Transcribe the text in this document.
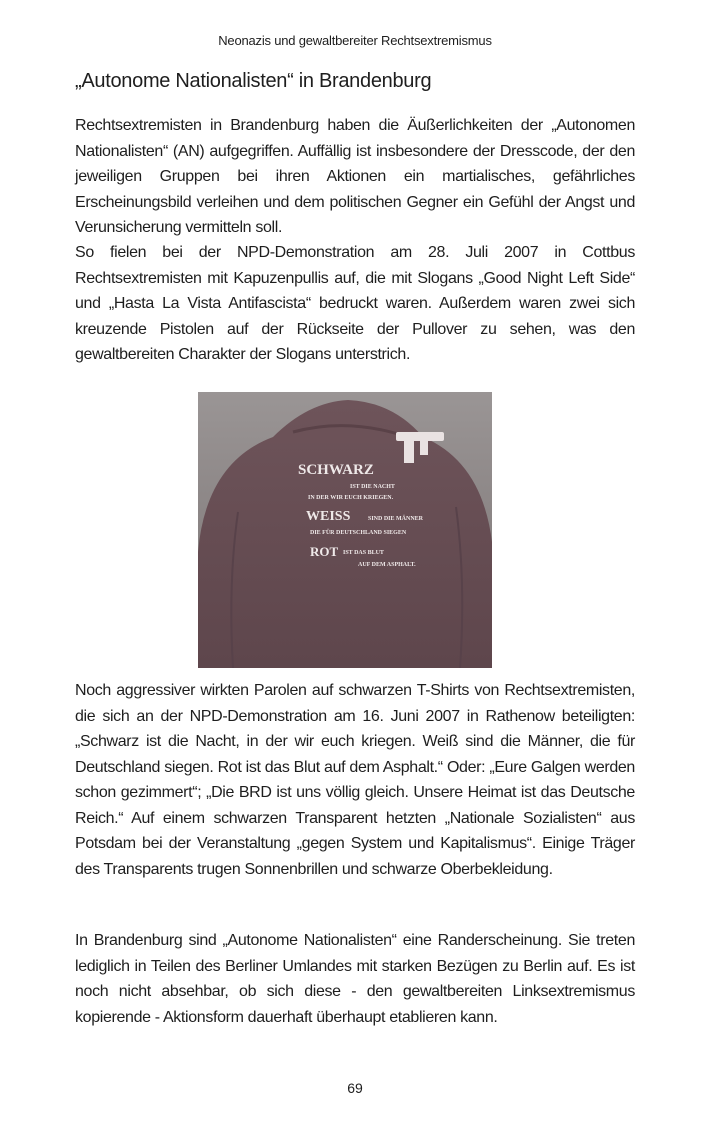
Neonazis und gewaltbereiter Rechtsextremismus
„Autonome Nationalisten“ in Brandenburg

Rechtsextremisten in Brandenburg haben die Äußerlichkeiten der „Autonomen Nationalisten“ (AN) aufgegriffen. Auffällig ist insbesondere der Dresscode, der den jeweiligen Gruppen bei ihren Aktionen ein martialisches, gefährliches Erscheinungsbild verleihen und dem politischen Gegner ein Gefühl der Angst und Verunsicherung vermitteln soll.

So fielen bei der NPD-Demonstration am 28. Juli 2007 in Cottbus Rechtsextremisten mit Kapuzenpullis auf, die mit Slogans „Good Night Left Side“ und „Hasta La Vista Antifascista“ bedruckt waren. Außerdem waren zwei sich kreuzende Pistolen auf der Rückseite der Pullover zu sehen, was den gewaltbereiten Charakter der Slogans unterstrich.

SCHWARZ
IST DIE NACHT
IN DER WIR EUCH KRIEGEN.
WEISS	SIND DIE MÄNNER
DIE FÜR DEUTSCHLAND SIEGEN
ROT IST DAS BLUT
AUF DEM ASPHALT.

Noch aggressiver wirkten Parolen auf schwarzen T-Shirts von Rechtsextremisten, die sich an der NPD-Demonstration am 16. Juni 2007 in Rathenow beteiligten: „Schwarz ist die Nacht, in der wir euch kriegen. Weiß sind die Männer, die für Deutschland siegen. Rot ist das Blut auf dem Asphalt.“ Oder: „Eure Galgen werden schon gezimmert“; „Die BRD ist uns völlig gleich. Unsere Heimat ist das Deutsche Reich.“ Auf einem schwarzen Transparent hetzten „Nationale Sozialisten“ aus Potsdam bei der Veranstaltung „gegen System und Kapitalismus“. Einige Träger des Transparents trugen Sonnenbrillen und schwarze Oberbekleidung.

In Brandenburg sind „Autonome Nationalisten“ eine Randerscheinung. Sie treten lediglich in Teilen des Berliner Umlandes mit starken Bezügen zu Berlin auf. Es ist noch nicht absehbar, ob sich diese - den gewaltbereiten Linksextremismus kopierende - Aktionsform dauerhaft überhaupt etablieren kann.

69
